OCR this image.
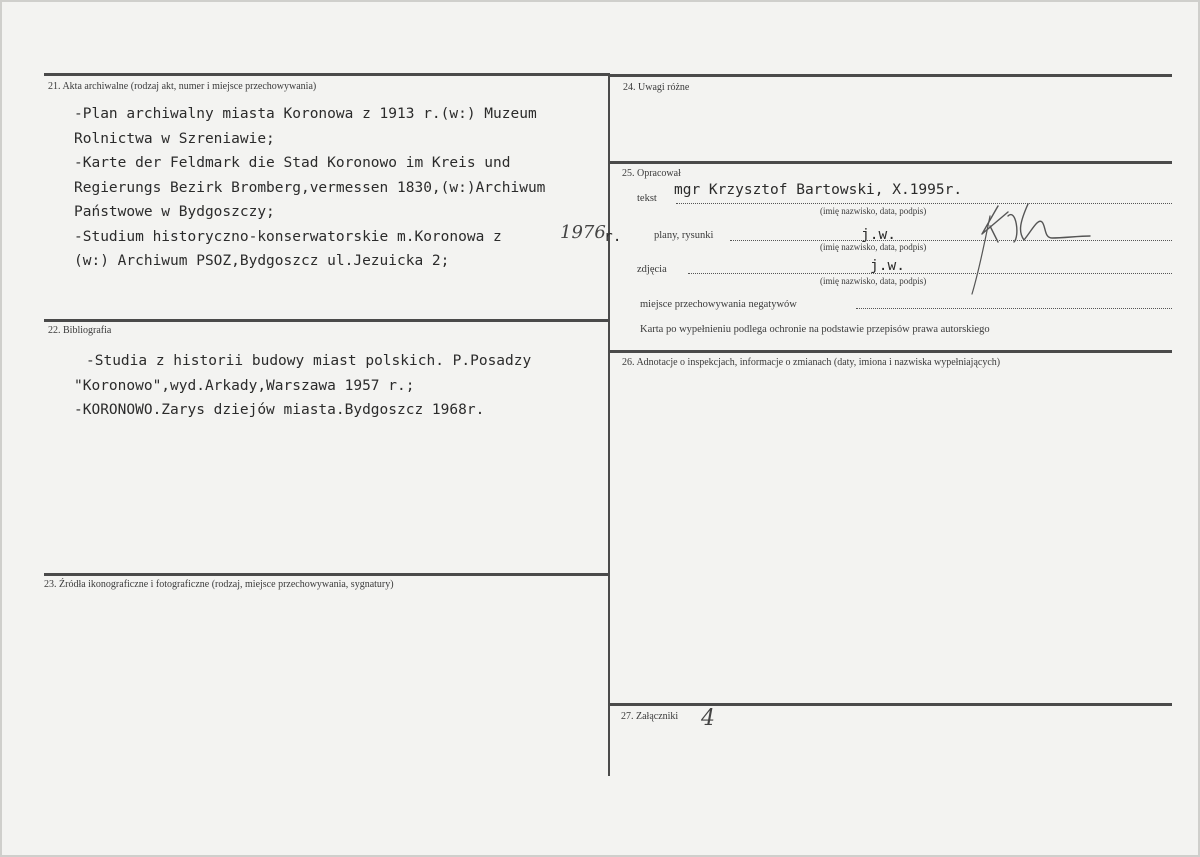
21. Akta archiwalne (rodzaj akt, numer i miejsce przechowywania)
-Plan archiwalny miasta Koronowa z 1913 r.(w:) Muzeum
Rolnictwa w Szreniawie;
-Karte der Feldmark die Stad Koronowo im Kreis und
Regierungs Bezirk Bromberg,vermessen 1830,(w:)Archiwum
Państwowe w Bydgoszczy;
-Studium historyczno-konserwatorskie m.Koronowa z	1976
r.
(w:) Archiwum PSOZ,Bydgoszcz ul.Jezuicka 2;
22. Bibliografia
-Studia z historii budowy miast polskich. P.Posadzy
"Koronowo",wyd.Arkady,Warszawa 1957 r.;
-KORONOWO.Zarys dziejów miasta.Bydgoszcz 1968r.
23. Źródła ikonograficzne i fotograficzne (rodzaj, miejsce przechowywania, sygnatury)
24. Uwagi różne
25. Opracował
tekst
mgr Krzysztof Bartowski, X.1995r.
(imię nazwisko, data, podpis)
plany, rysunki	j.w.
(imię nazwisko, data, podpis)
zdjęcia	j.w.
(imię nazwisko, data, podpis)
miejsce przechowywania negatywów
Karta po wypełnieniu podlega ochronie na podstawie przepisów prawa autorskiego
26. Adnotacje o inspekcjach, informacje o zmianach (daty, imiona i nazwiska wypełniających)
27. Załączniki 4
